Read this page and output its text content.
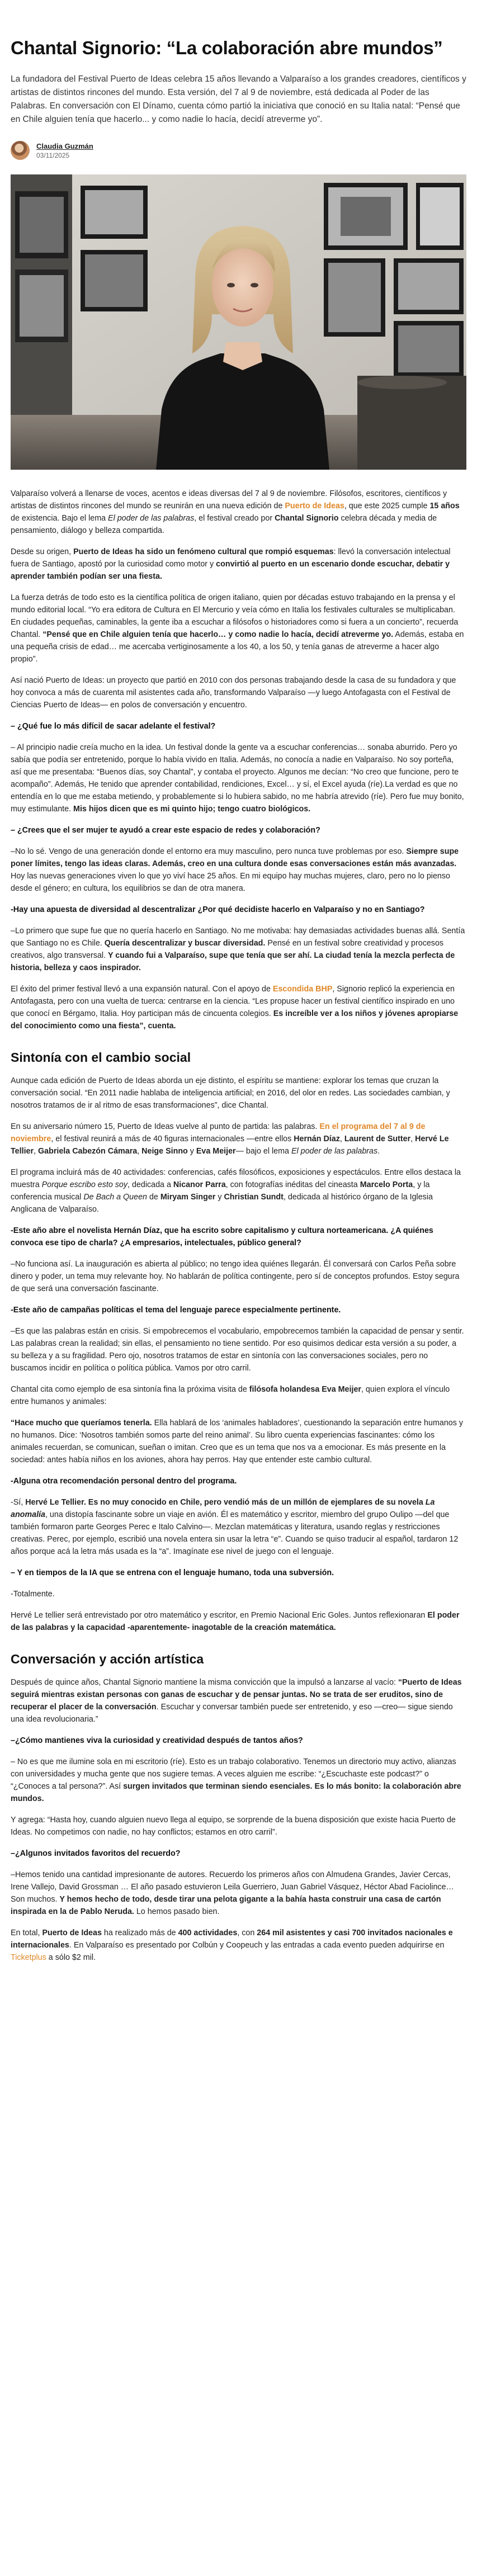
Chantal Signorio: “La colaboración abre mundos”

La fundadora del Festival Puerto de Ideas celebra 15 años llevando a Valparaíso a los grandes creadores, científicos y artistas de distintos rincones del mundo. Esta versión, del 7 al 9 de noviembre, está dedicada al Poder de las Palabras. En conversación con El Dínamo, cuenta cómo partió la iniciativa que conoció en su Italia natal: “Pensé que en Chile alguien tenía que hacerlo... y como nadie lo hacía, decidí atreverme yo”.

Claudia Guzmán
03/11/2025

Valparaíso volverá a llenarse de voces, acentos e ideas diversas del 7 al 9 de noviembre. Filósofos, escritores, científicos y artistas de distintos rincones del mundo se reunirán en una nueva edición de Puerto de Ideas, que este 2025 cumple 15 años de existencia. Bajo el lema El poder de las palabras, el festival creado por Chantal Signorio celebra década y media de pensamiento, diálogo y belleza compartida.

Desde su origen, Puerto de Ideas ha sido un fenómeno cultural que rompió esquemas: llevó la conversación intelectual fuera de Santiago, apostó por la curiosidad como motor y convirtió al puerto en un escenario donde escuchar, debatir y aprender también podían ser una fiesta.

La fuerza detrás de todo esto es la científica política de origen italiano, quien por décadas estuvo trabajando en la prensa y el mundo editorial local. “Yo era editora de Cultura en El Mercurio y veía cómo en Italia los festivales culturales se multiplicaban. En ciudades pequeñas, caminables, la gente iba a escuchar a filósofos o historiadores como si fuera a un concierto”, recuerda Chantal. “Pensé que en Chile alguien tenía que hacerlo… y como nadie lo hacía, decidí atreverme yo. Además, estaba en una pequeña crisis de edad… me acercaba vertiginosamente a los 40, a los 50, y tenía ganas de atreverme a hacer algo propio”.

Así nació Puerto de Ideas: un proyecto que partió en 2010 con dos personas trabajando desde la casa de su fundadora y que hoy convoca a más de cuarenta mil asistentes cada año, transformando Valparaíso —y luego Antofagasta con el Festival de Ciencias Puerto de Ideas— en polos de conversación y encuentro.

– ¿Qué fue lo más difícil de sacar adelante el festival?

– Al principio nadie creía mucho en la idea. Un festival donde la gente va a escuchar conferencias… sonaba aburrido. Pero yo sabía que podía ser entretenido, porque lo había vivido en Italia. Además, no conocía a nadie en Valparaíso. No soy porteña, así que me presentaba: “Buenos días, soy Chantal”, y contaba el proyecto. Algunos me decían: “No creo que funcione, pero te acompaño”. Además, He tenido que aprender contabilidad, rendiciones, Excel… y sí, el Excel ayuda (ríe).La verdad es que no entendía en lo que me estaba metiendo, y probablemente si lo hubiera sabido, no me habría atrevido (ríe). Pero fue muy bonito, muy estimulante. Mis hijos dicen que es mi quinto hijo; tengo cuatro biológicos.

– ¿Crees que el ser mujer te ayudó a crear este espacio de redes y colaboración?

–No lo sé. Vengo de una generación donde el entorno era muy masculino, pero nunca tuve problemas por eso. Siempre supe poner límites, tengo las ideas claras. Además, creo en una cultura donde esas conversaciones están más avanzadas. Hoy las nuevas generaciones viven lo que yo viví hace 25 años. En mi equipo hay muchas mujeres, claro, pero no lo pienso desde el género; en cultura, los equilibrios se dan de otra manera.

-Hay una apuesta de diversidad al descentralizar ¿Por qué decidiste hacerlo en Valparaíso y no en Santiago?

–Lo primero que supe fue que no quería hacerlo en Santiago. No me motivaba: hay demasiadas actividades buenas allá. Sentía que Santiago no es Chile. Quería descentralizar y buscar diversidad. Pensé en un festival sobre creatividad y procesos creativos, algo transversal. Y cuando fui a Valparaíso, supe que tenía que ser ahí. La ciudad tenía la mezcla perfecta de historia, belleza y caos inspirador.

El éxito del primer festival llevó a una expansión natural. Con el apoyo de Escondida BHP, Signorio replicó la experiencia en Antofagasta, pero con una vuelta de tuerca: centrarse en la ciencia. “Les propuse hacer un festival científico inspirado en uno que conocí en Bérgamo, Italia. Hoy participan más de cincuenta colegios. Es increíble ver a los niños y jóvenes apropiarse del conocimiento como una fiesta”, cuenta.

Sintonía con el cambio social

Aunque cada edición de Puerto de Ideas aborda un eje distinto, el espíritu se mantiene: explorar los temas que cruzan la conversación social. “En 2011 nadie hablaba de inteligencia artificial; en 2016, del olor en redes. Las sociedades cambian, y nosotros tratamos de ir al ritmo de esas transformaciones”, dice Chantal.

En su aniversario número 15, Puerto de Ideas vuelve al punto de partida: las palabras. En el programa del 7 al 9 de noviembre, el festival reunirá a más de 40 figuras internacionales —entre ellos Hernán Díaz, Laurent de Sutter, Hervé Le Tellier, Gabriela Cabezón Cámara, Neige Sinno y Eva Meijer— bajo el lema El poder de las palabras.

El programa incluirá más de 40 actividades: conferencias, cafés filosóficos, exposiciones y espectáculos. Entre ellos destaca la muestra Porque escribo esto soy, dedicada a Nicanor Parra, con fotografías inéditas del cineasta Marcelo Porta, y la conferencia musical De Bach a Queen de Miryam Singer y Christian Sundt, dedicada al histórico órgano de la Iglesia Anglicana de Valparaíso.

-Este año abre el novelista Hernán Díaz, que ha escrito sobre capitalismo y cultura norteamericana. ¿A quiénes convoca ese tipo de charla? ¿A empresarios, intelectuales, público general?

–No funciona así. La inauguración es abierta al público; no tengo idea quiénes llegarán. Él conversará con Carlos Peña sobre dinero y poder, un tema muy relevante hoy. No hablarán de política contingente, pero sí de conceptos profundos. Estoy segura de que será una conversación fascinante.

-Este año de campañas políticas el tema del lenguaje parece especialmente pertinente.

–Es que las palabras están en crisis. Si empobrecemos el vocabulario, empobrecemos también la capacidad de pensar y sentir. Las palabras crean la realidad; sin ellas, el pensamiento no tiene sentido. Por eso quisimos dedicar esta versión a su poder, a su belleza y a su fragilidad. Pero ojo, nosotros tratamos de estar en sintonía con las conversaciones sociales, pero no buscamos incidir en política o política pública. Vamos por otro carril.

Chantal cita como ejemplo de esa sintonía fina la próxima visita de filósofa holandesa Eva Meijer, quien explora el vínculo entre humanos y animales:

“Hace mucho que queríamos tenerla. Ella hablará de los ‘animales habladores’, cuestionando la separación entre humanos y no humanos. Dice: ‘Nosotros también somos parte del reino animal’. Su libro cuenta experiencias fascinantes: cómo los animales recuerdan, se comunican, sueñan o imitan. Creo que es un tema que nos va a emocionar. Es más presente en la sociedad: antes había niños en los aviones, ahora hay perros. Hay que entender este cambio cultural.

-Alguna otra recomendación personal dentro del programa.

-Sí, Hervé Le Tellier. Es no muy conocido en Chile, pero vendió más de un millón de ejemplares de su novela La anomalía, una distopía fascinante sobre un viaje en avión. Él es matemático y escritor, miembro del grupo Oulipo —del que también formaron parte Georges Perec e Italo Calvino—. Mezclan matemáticas y literatura, usando reglas y restricciones creativas. Perec, por ejemplo, escribió una novela entera sin usar la letra “e”. Cuando se quiso traducir al español, tardaron 12 años porque acá la letra más usada es la “a”. Imagínate ese nivel de juego con el lenguaje.

– Y en tiempos de la IA que se entrena con el lenguaje humano, toda una subversión.

-Totalmente.

Hervé Le tellier será entrevistado por otro matemático y escritor, en Premio Nacional Eric Goles. Juntos reflexionaran El poder de las palabras y la capacidad -aparentemente- inagotable de la creación matemática.

Conversación y acción artística

Después de quince años, Chantal Signorio mantiene la misma convicción que la impulsó a lanzarse al vacío: “Puerto de Ideas seguirá mientras existan personas con ganas de escuchar y de pensar juntas. No se trata de ser eruditos, sino de recuperar el placer de la conversación. Escuchar y conversar también puede ser entretenido, y eso —creo— sigue siendo una idea revolucionaria.”

–¿Cómo mantienes viva la curiosidad y creatividad después de tantos años?

– No es que me ilumine sola en mi escritorio (ríe). Esto es un trabajo colaborativo. Tenemos un directorio muy activo, alianzas con universidades y mucha gente que nos sugiere temas. A veces alguien me escribe: “¿Escuchaste este podcast?” o “¿Conoces a tal persona?”. Así surgen invitados que terminan siendo esenciales. Es lo más bonito: la colaboración abre mundos.

Y agrega: “Hasta hoy, cuando alguien nuevo llega al equipo, se sorprende de la buena disposición que existe hacia Puerto de Ideas. No competimos con nadie, no hay conflictos; estamos en otro carril”.

–¿Algunos invitados favoritos del recuerdo?

–Hemos tenido una cantidad impresionante de autores. Recuerdo los primeros años con Almudena Grandes, Javier Cercas, Irene Vallejo, David Grossman … El año pasado estuvieron Leila Guerriero, Juan Gabriel Vásquez, Héctor Abad Faciolince… Son muchos. Y hemos hecho de todo, desde tirar una pelota gigante a la bahía hasta construir una casa de cartón inspirada en la de Pablo Neruda. Lo hemos pasado bien.

En total, Puerto de Ideas ha realizado más de 400 actividades, con 264 mil asistentes y casi 700 invitados nacionales e internacionales. En Valparaíso es presentado por Colbún y Coopeuch y las entradas a cada evento pueden adquirirse en Ticketplus a sólo $2 mil.
